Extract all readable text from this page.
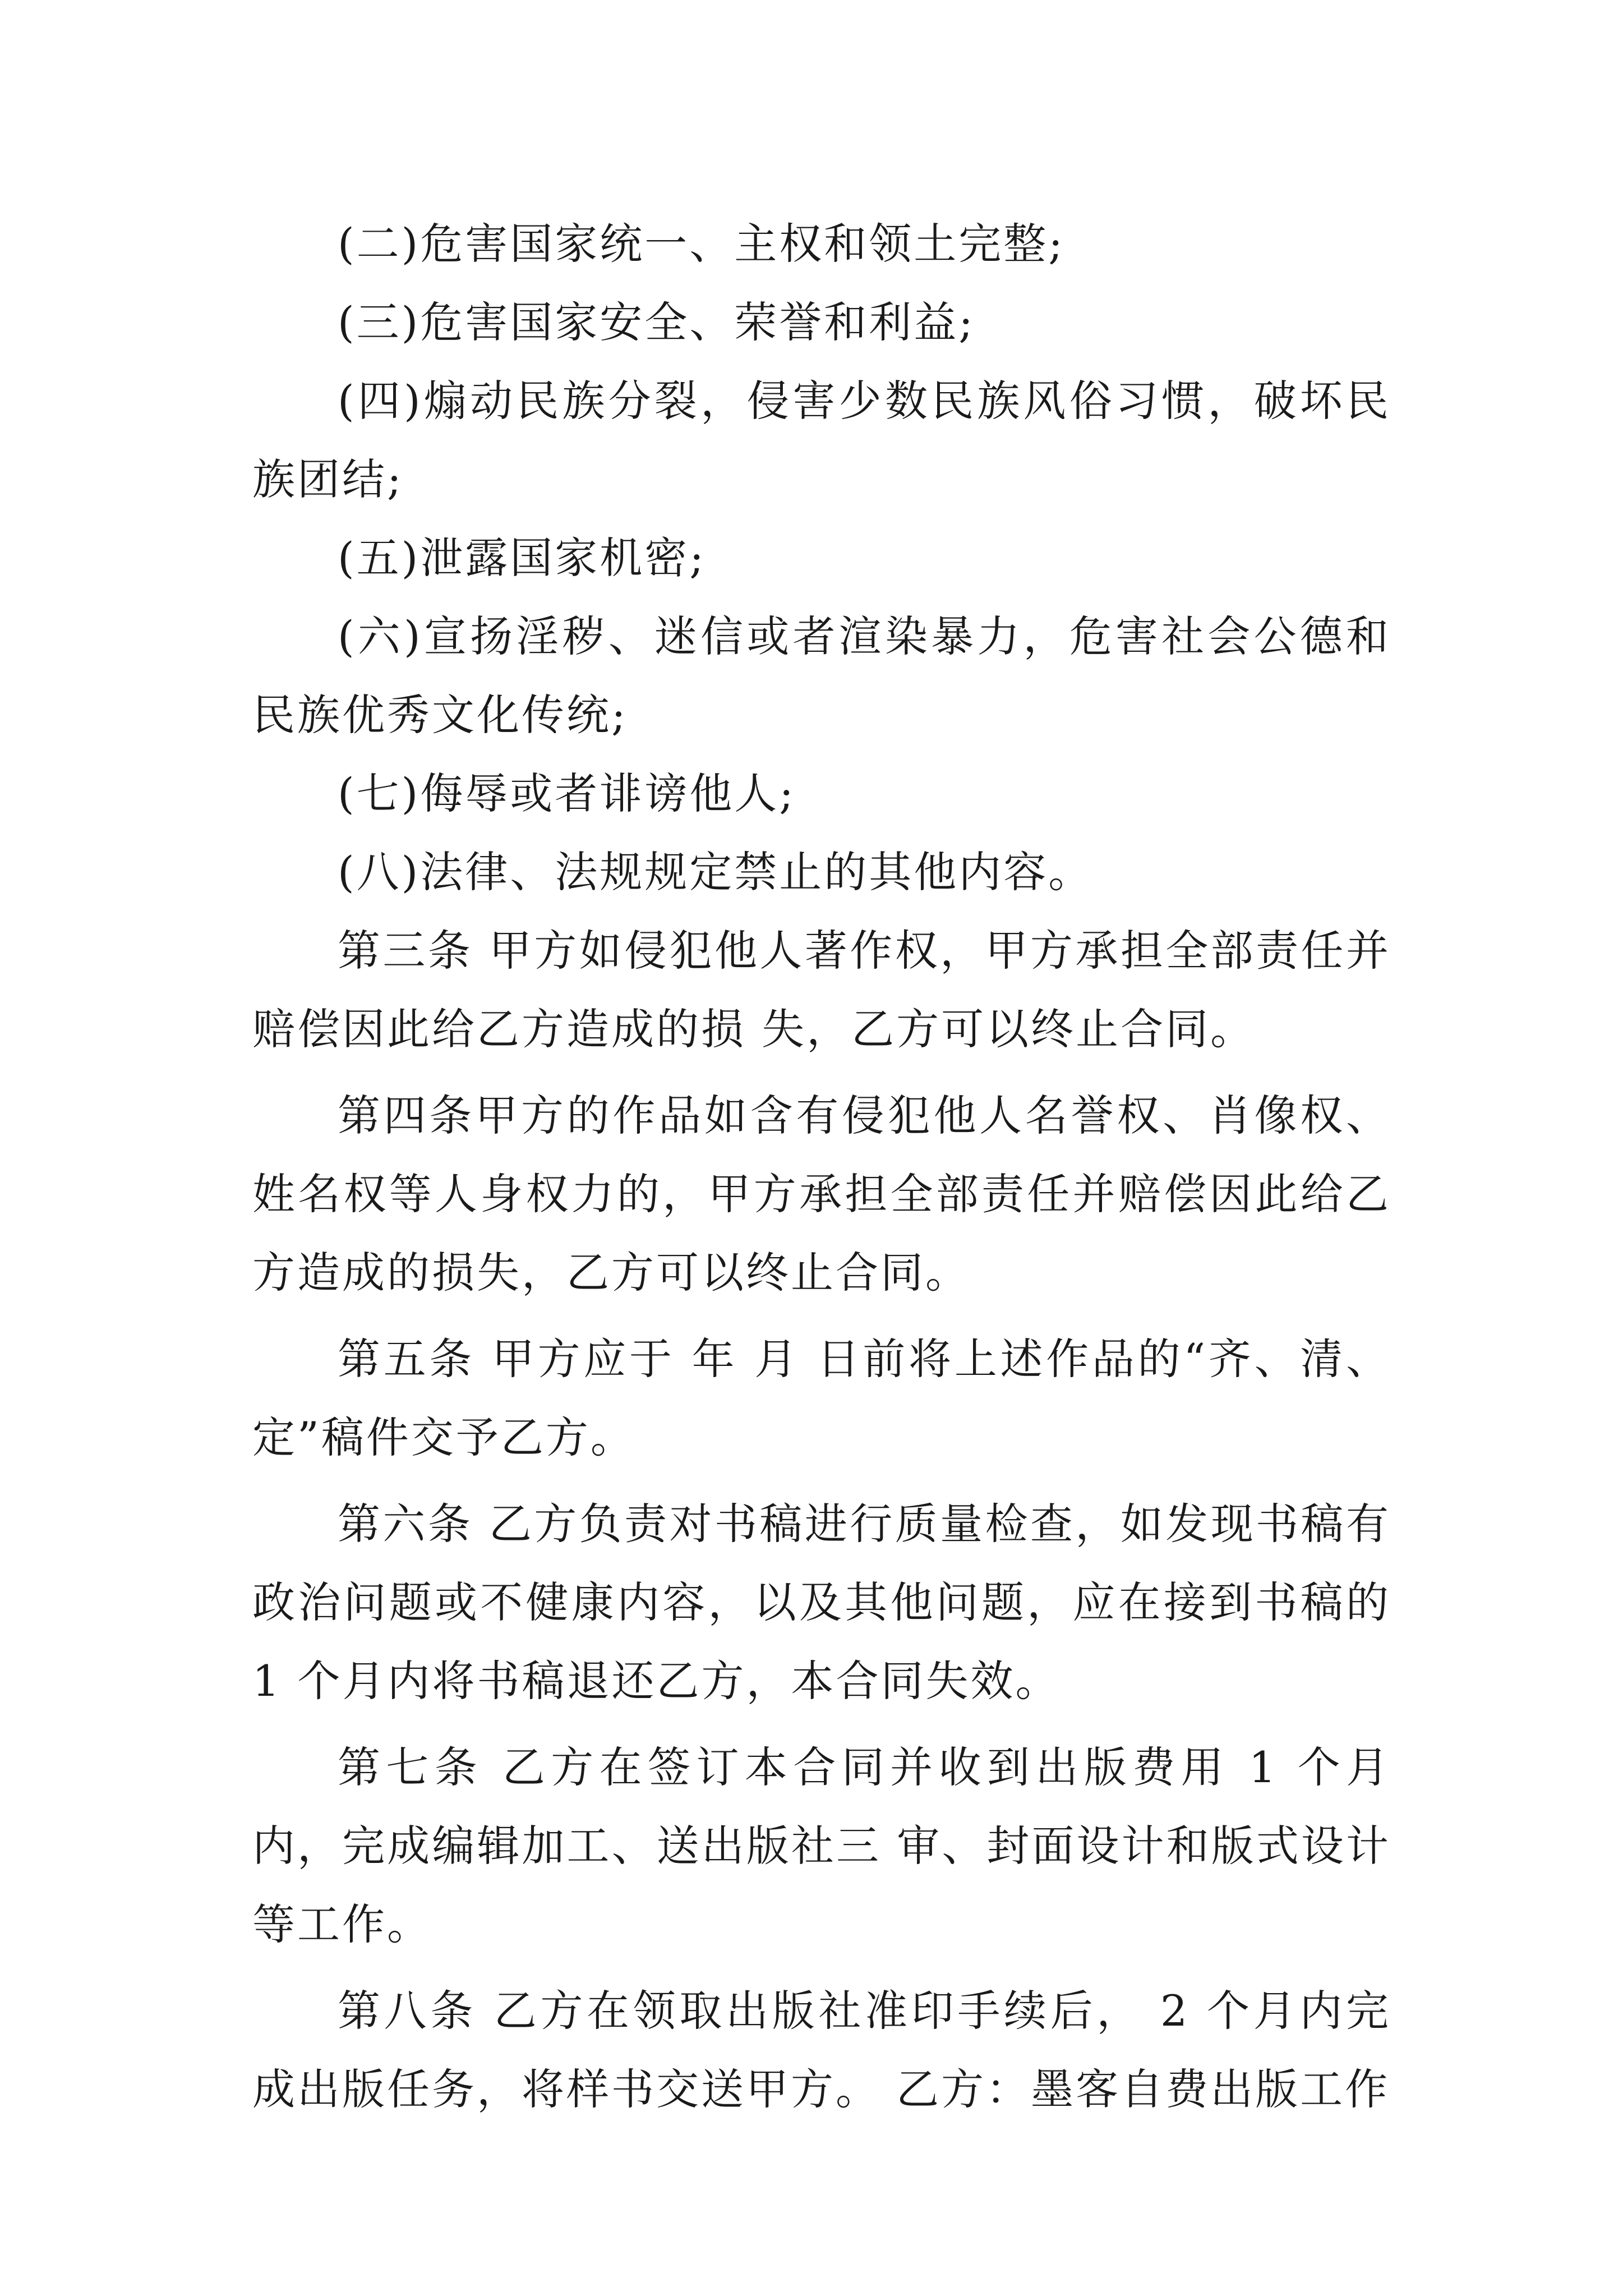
(二)危害国家统一、主权和领土完整;

(三)危害国家安全、荣誉和利益;

(四)煽动民族分裂，侵害少数民族风俗习惯，破坏民族团结;

(五)泄露国家机密;

(六)宣扬淫秽、迷信或者渲染暴力，危害社会公德和民族优秀文化传统;

(七)侮辱或者诽谤他人;

(八)法律、法规规定禁止的其他内容。

第三条 甲方如侵犯他人著作权，甲方承担全部责任并赔偿因此给乙方造成的损 失，乙方可以终止合同。

第四条甲方的作品如含有侵犯他人名誉权、肖像权、姓名权等人身权力的，甲方承担全部责任并赔偿因此给乙方造成的损失，乙方可以终止合同。

第五条 甲方应于 年 月 日前将上述作品的“齐、清、定”稿件交予乙方。

第六条 乙方负责对书稿进行质量检查，如发现书稿有政治问题或不健康内容，以及其他问题，应在接到书稿的 1 个月内将书稿退还乙方，本合同失效。

第七条 乙方在签订本合同并收到出版费用 1 个月内，完成编辑加工、送出版社三 审、封面设计和版式设计等工作。

第八条 乙方在领取出版社准印手续后， 2 个月内完成出版任务，将样书交送甲方。 乙方：墨客自费出版工作
